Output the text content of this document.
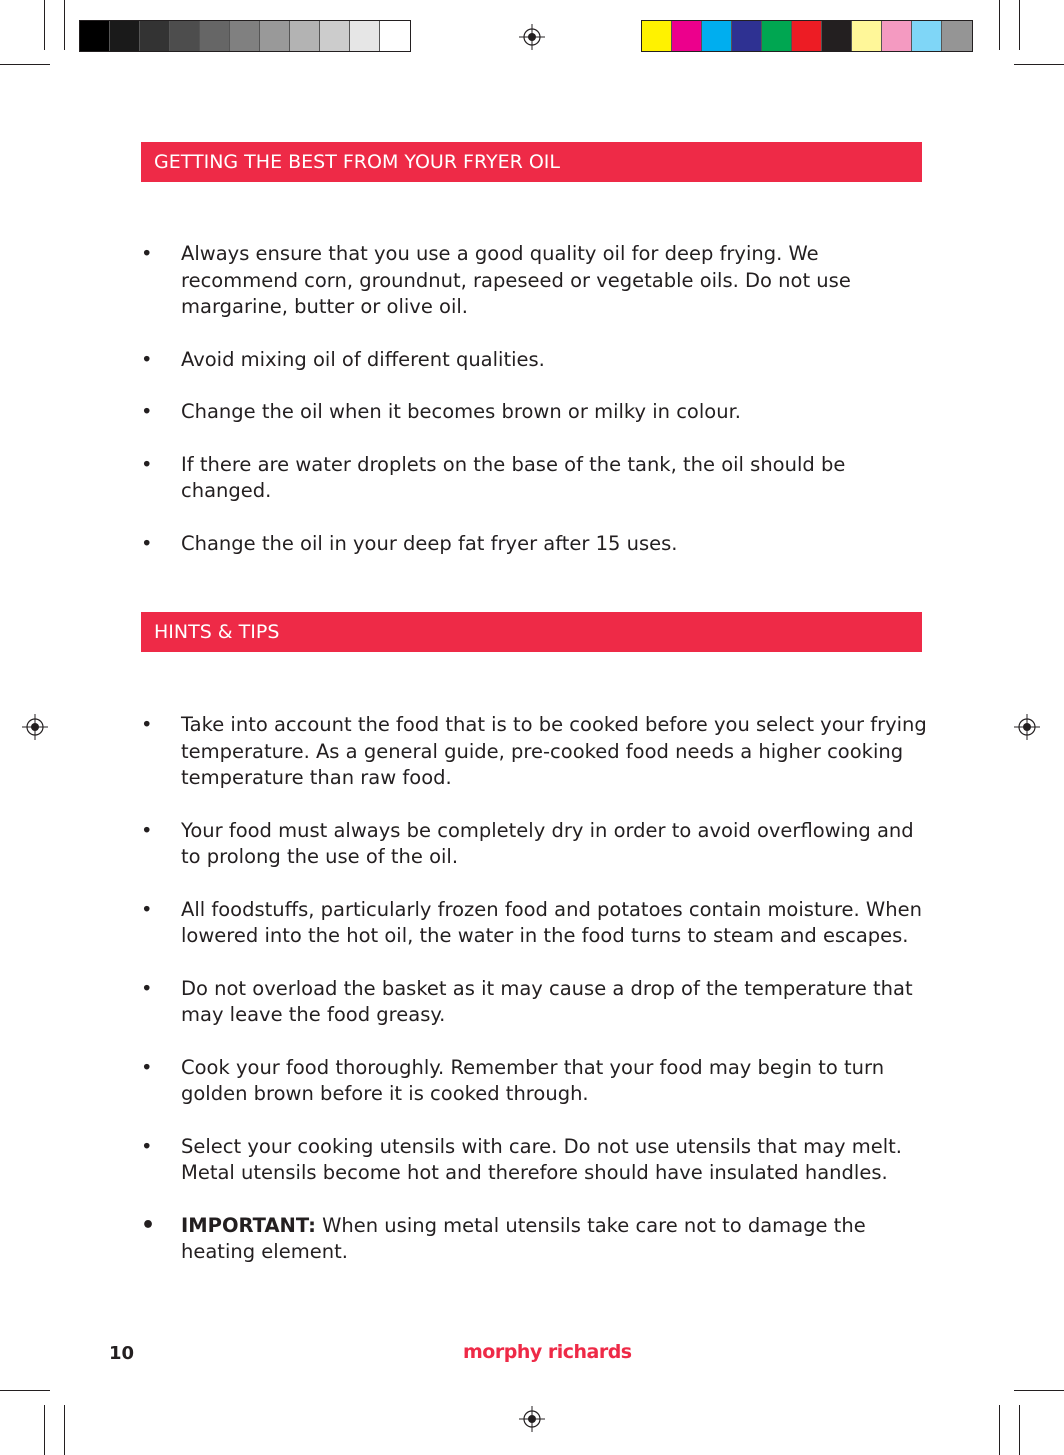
GETTING THE BEST FROM YOUR FRYER OIL
•	Always ensure that you use a good quality oil for deep frying. We recommend corn, groundnut, rapeseed or vegetable oils. Do not use margarine, butter or olive oil.
•	Avoid mixing oil of different qualities.
•	Change the oil when it becomes brown or milky in colour.
•	If there are water droplets on the base of the tank, the oil should be changed.
•	Change the oil in your deep fat fryer after 15 uses.
HINTS & TIPS
•	Take into account the food that is to be cooked before you select your frying temperature. As a general guide, pre-cooked food needs a higher cooking temperature than raw food.
•	Your food must always be completely dry in order to avoid overflowing and to prolong the use of the oil.
•	All foodstuffs, particularly frozen food and potatoes contain moisture. When lowered into the hot oil, the water in the food turns to steam and escapes.
•	Do not overload the basket as it may cause a drop of the temperature that may leave the food greasy.
•	Cook your food thoroughly. Remember that your food may begin to turn golden brown before it is cooked through.
•	Select your cooking utensils with care. Do not use utensils that may melt. Metal utensils become hot and therefore should have insulated handles.
•	IMPORTANT: When using metal utensils take care not to damage the heating element.
10	morphy richards
